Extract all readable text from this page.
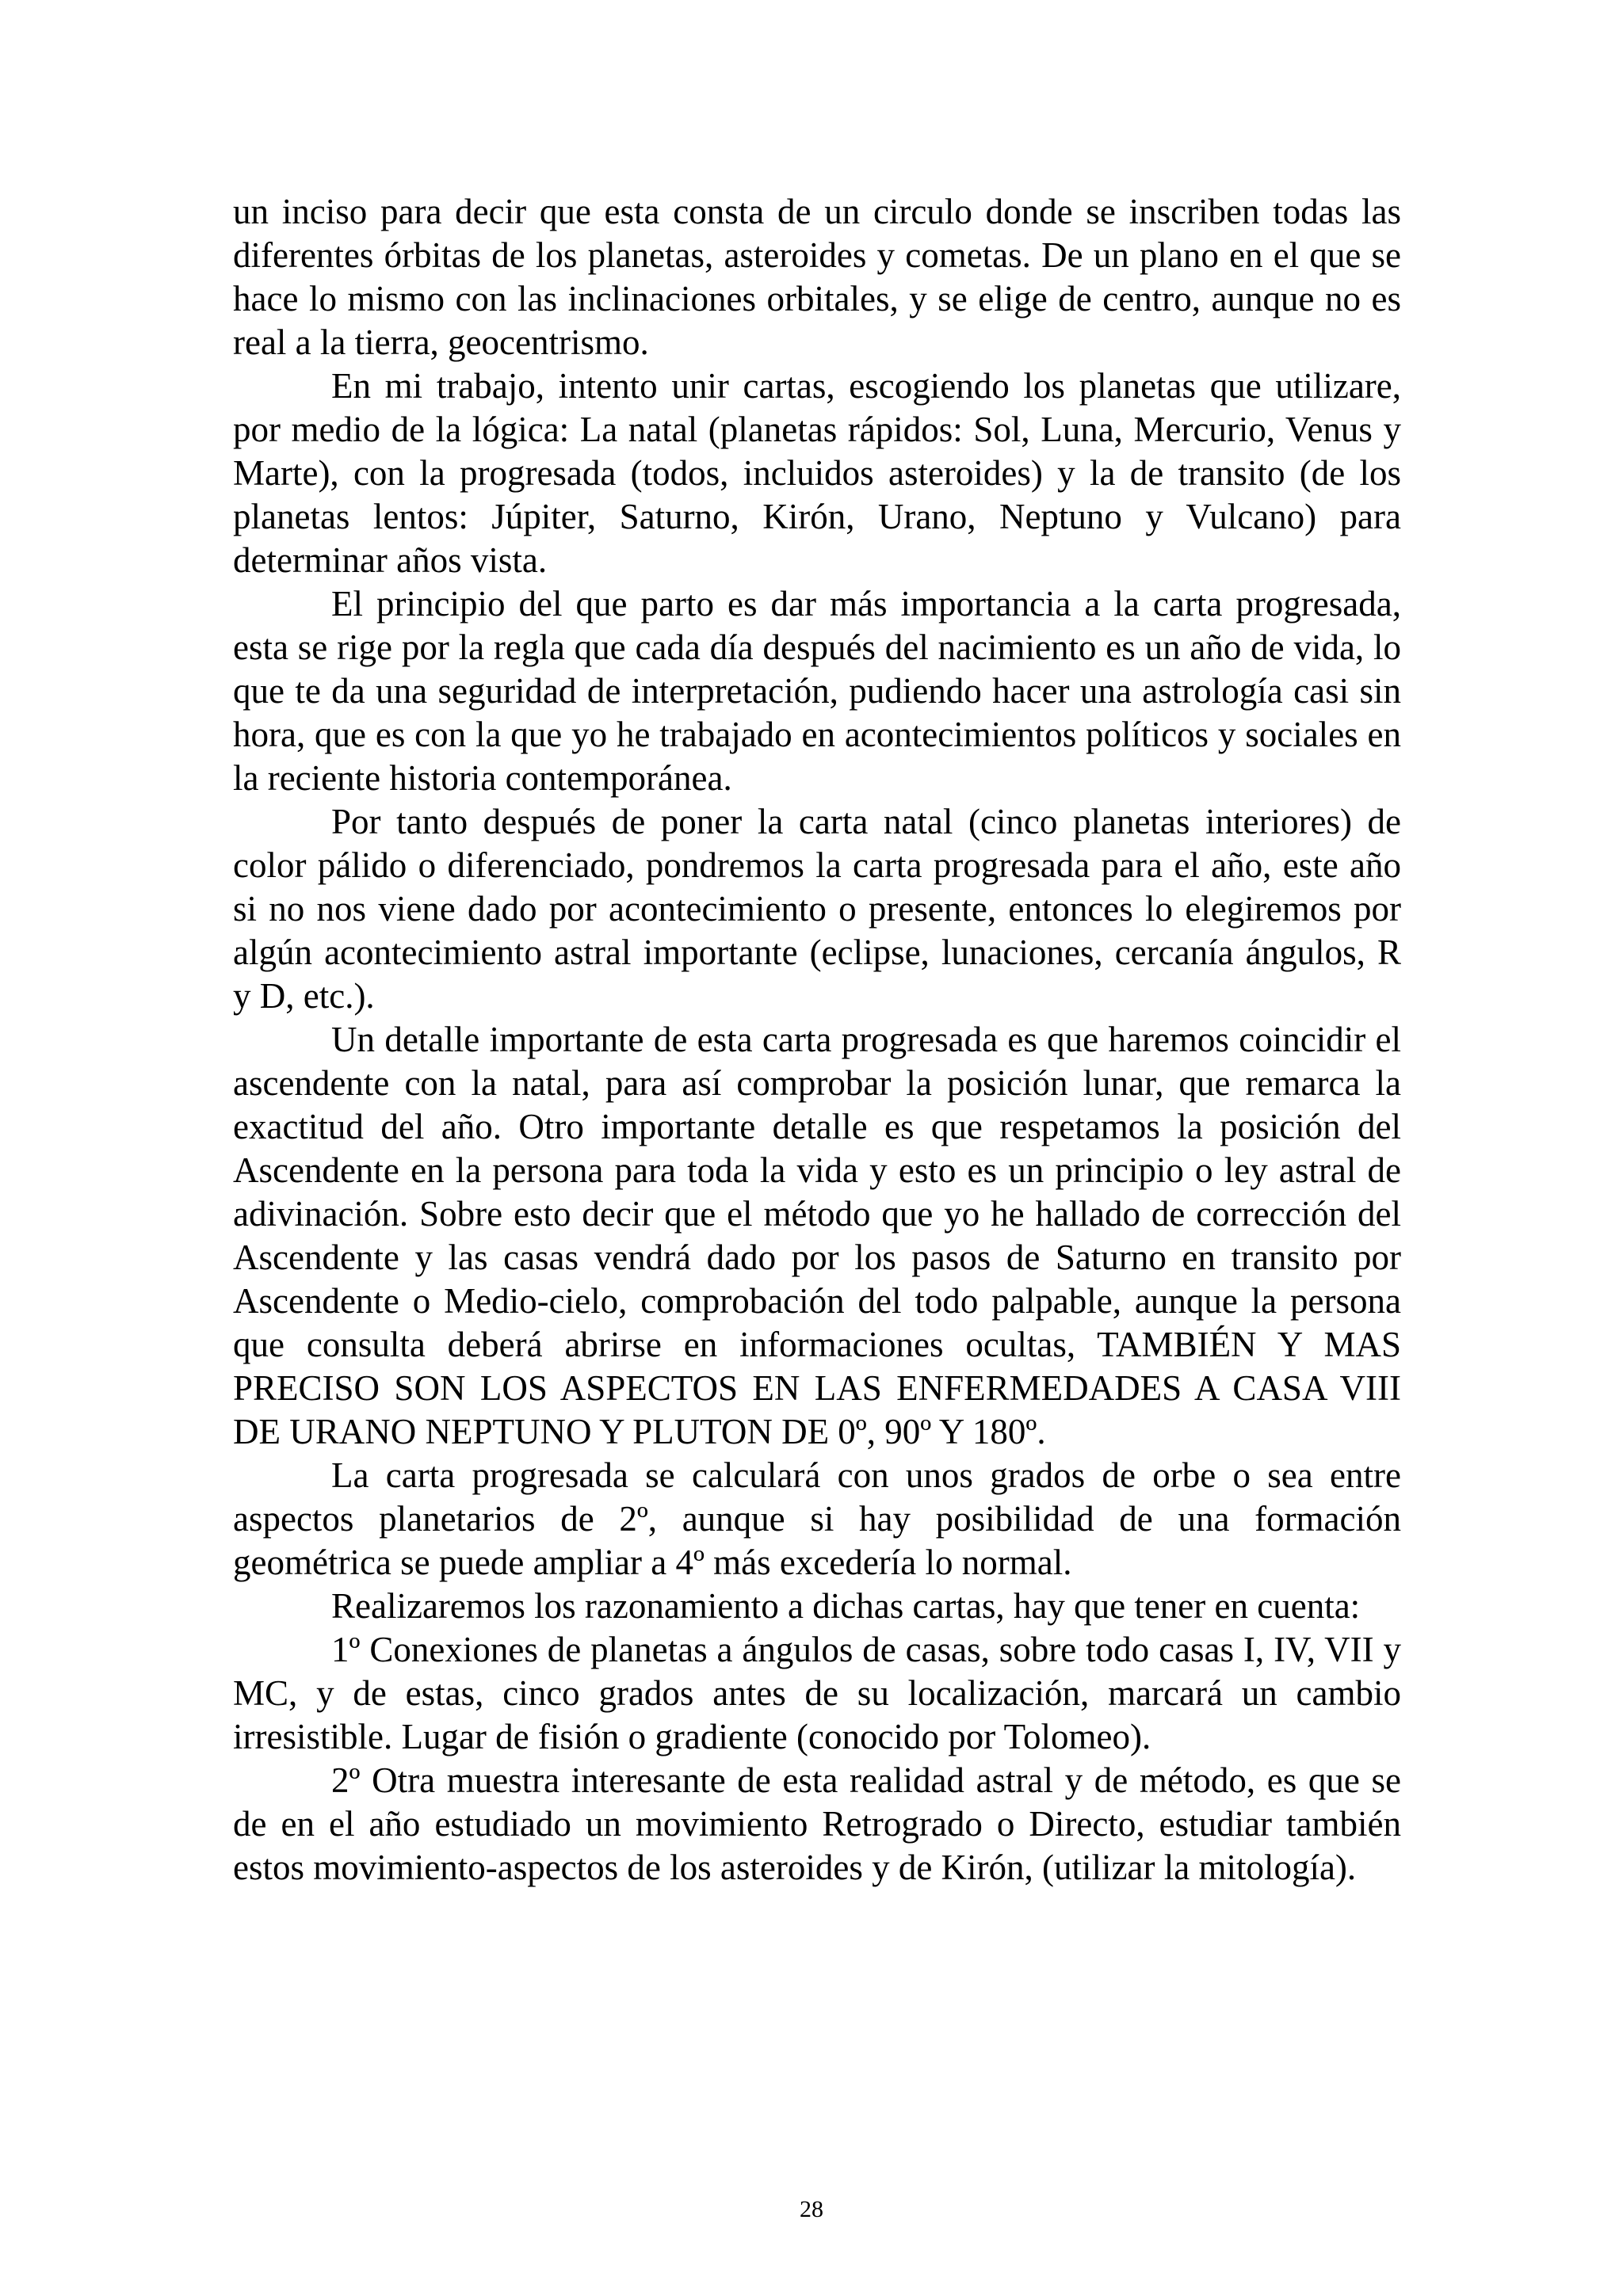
un inciso para decir que esta consta de un circulo donde se inscriben todas las diferentes órbitas de los planetas, asteroides y cometas. De un plano en el que se hace lo mismo con las inclinaciones orbitales, y se elige de centro, aunque no es real a la tierra, geocentrismo.

En mi trabajo, intento unir cartas, escogiendo los planetas que utilizare, por medio de la lógica: La natal (planetas rápidos: Sol, Luna, Mercurio, Venus y Marte), con la progresada (todos, incluidos asteroides) y la de transito (de los planetas lentos: Júpiter, Saturno, Kirón, Urano, Neptuno y Vulcano) para determinar años vista.

El principio del que parto es dar más importancia a la carta progresada, esta se rige por la regla que cada día después del nacimiento es un año de vida, lo que te da una seguridad de interpretación, pudiendo hacer una astrología casi sin hora, que es con la que yo he trabajado en acontecimientos políticos y sociales en la reciente historia contemporánea.

Por tanto después de poner la carta natal (cinco planetas interiores) de color pálido o diferenciado, pondremos la carta progresada para el año, este año si no nos viene dado por acontecimiento o presente, entonces lo elegiremos por algún acontecimiento astral importante (eclipse, lunaciones, cercanía ángulos, R y D, etc.).

Un detalle importante de esta carta progresada es que haremos coincidir el ascendente con la natal, para así comprobar la posición lunar, que remarca la exactitud del año. Otro importante detalle es que respetamos la posición del Ascendente en la persona para toda la vida y esto es un principio o ley astral de adivinación. Sobre esto decir que el método que yo he hallado de corrección del Ascendente y las casas vendrá dado por los pasos de Saturno en transito por Ascendente o Medio-cielo, comprobación del todo palpable, aunque la persona que consulta deberá abrirse en informaciones ocultas, TAMBIÉN Y MAS PRECISO SON LOS ASPECTOS EN LAS ENFERMEDADES A CASA VIII DE URANO NEPTUNO Y PLUTON DE 0º, 90º Y 180º.

La carta progresada se calculará con unos grados de orbe o sea entre aspectos planetarios de 2º, aunque si hay posibilidad de una formación geométrica se puede ampliar a 4º más excedería lo normal.

Realizaremos los razonamiento a dichas cartas, hay que tener en cuenta:

1º Conexiones de planetas a ángulos de casas, sobre todo casas I, IV, VII y MC, y de estas, cinco grados antes de su localización, marcará un cambio irresistible. Lugar de fisión o gradiente (conocido por Tolomeo).

2º Otra muestra interesante de esta realidad astral y de método, es que se de en el año estudiado un movimiento Retrogrado o Directo, estudiar también estos movimiento-aspectos de los asteroides y de Kirón, (utilizar la mitología).

28
